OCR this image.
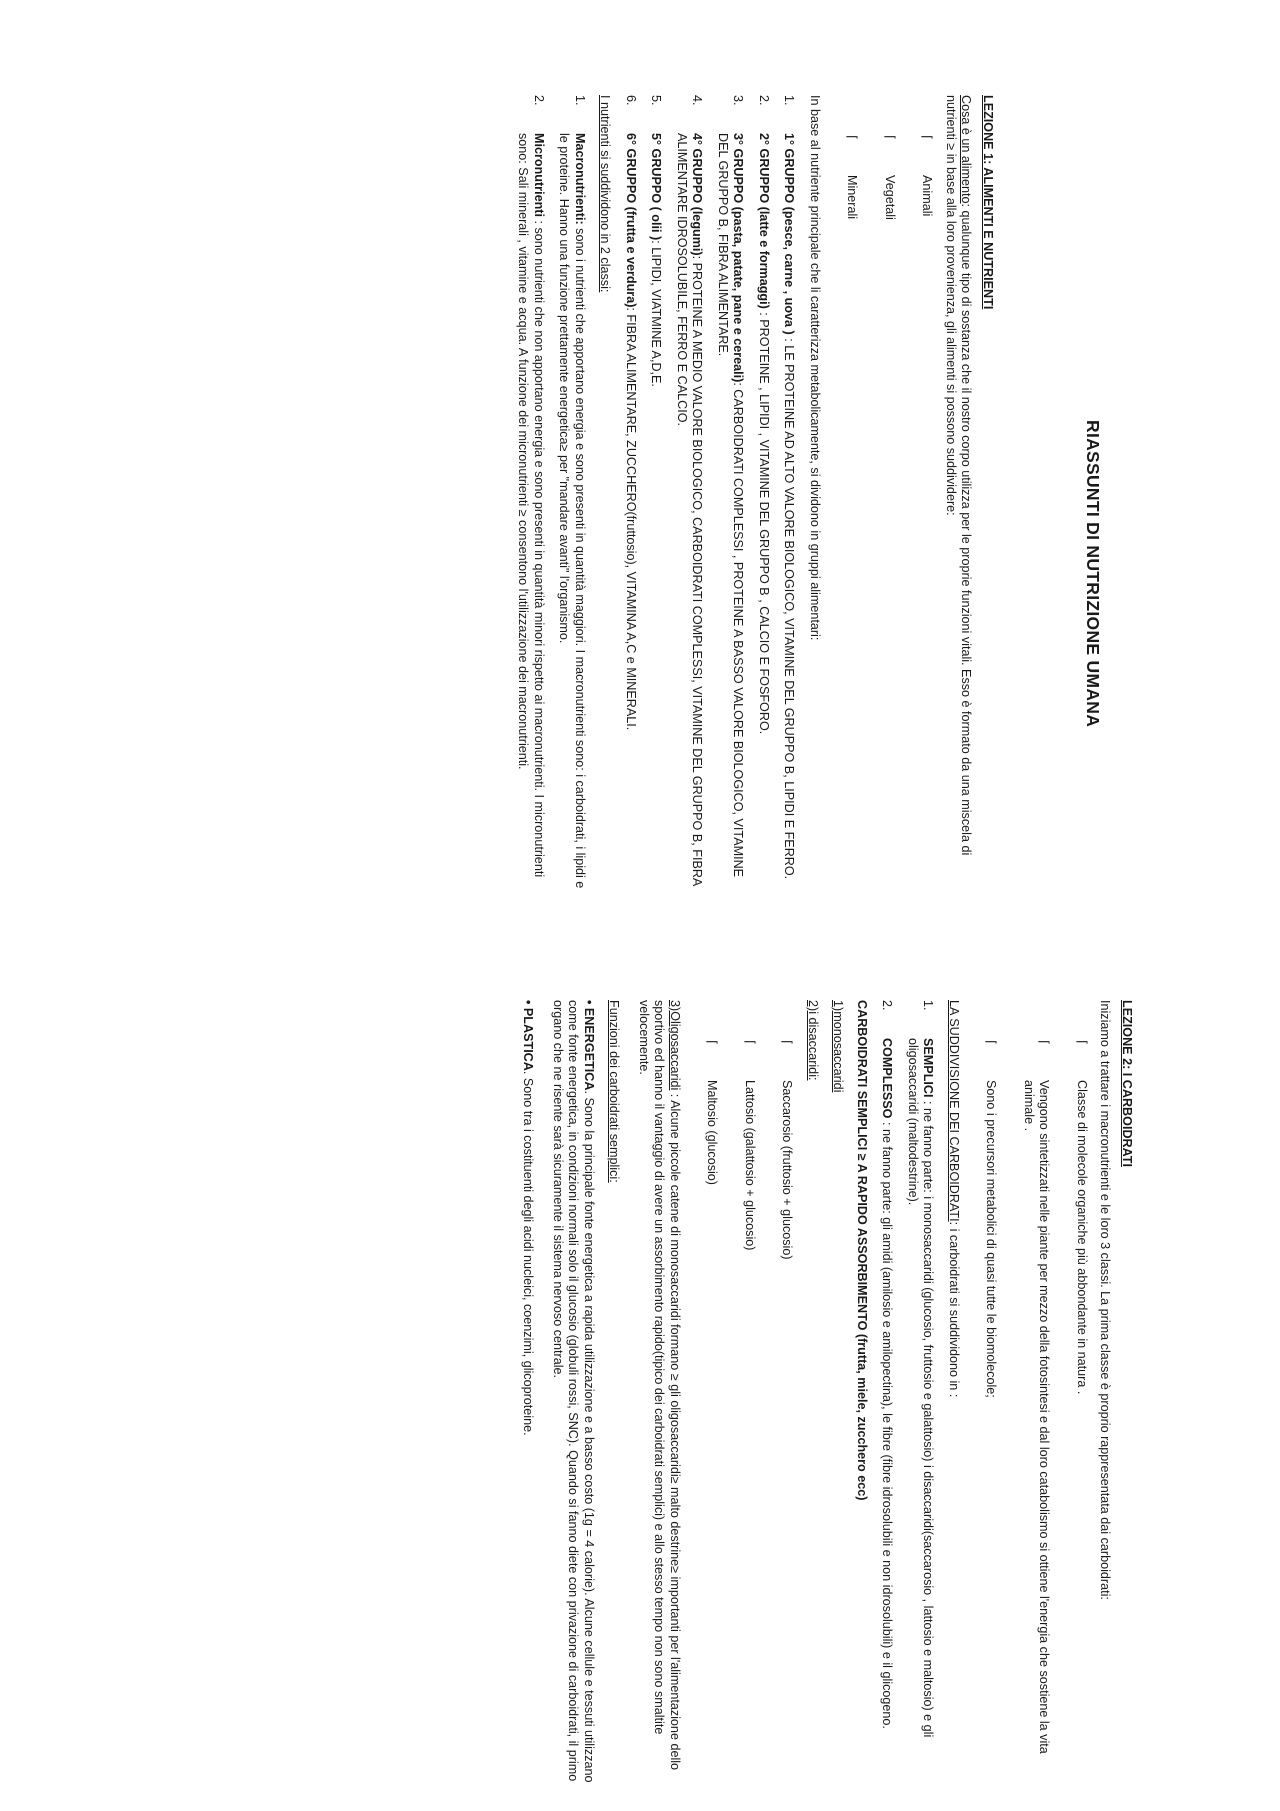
RIASSUNTI DI NUTRIZIONE UMANA
LEZIONE 1: ALIMENTI E NUTRIENTI

Cosa è un alimento: qualunque tipo di sostanza che il nostro corpo utilizza per le proprie funzioni vitali. Esso è formato da una miscela di nutrienti ≥ in base alla loro provenienza, gli alimenti si possono suddividere:

⌈ Animali
⌈ Vegetali
⌈ Minerali

In base al nutriente principale che li caratterizza metabolicamente, si dividono in gruppi alimentari:

1.
1° GRUPPO (pesce, carne , uova ) : LE PROTEINE AD ALTO VALORE BIOLOGICO, VITAMINE DEL GRUPPO B, LIPIDI E FERRO.
2.
2° GRUPPO (latte e formaggi) : PROTEINE , LIPIDI , VITAMINE DEL GRUPPO B , CALCIO E FOSFORO.
3.
3° GRUPPO (pasta, patate, pane e cereali): CARBOIDRATI COMPLESSI , PROTEINE A BASSO VALORE BIOLOGICO, VITAMINE DEL GRUPPO B, FIBRA ALIMENTARE.
4.
4° GRUPPO (legumi): PROTEINE A MEDIO VALORE BIOLOGICO, CARBOIDRATI COMPLESSI, VITAMINE DEL GRUPPO B, FIBRA ALIMENTARE IDROSOLUBILE, FERRO E CALCIO.
5.
5° GRUPPO ( olii ): LIPIDI, VIATMINE A,D,E.
6.
6° GRUPPO (frutta e verdura): FIBRA ALIMENTARE, ZUCCHERO(fruttosio), VITAMINA A,C e MINERALI.

I nutrienti si suddividono in 2 classi:

1.
Macronutrienti: sono i nutrienti che apportano energia e sono presenti in quantità maggiori. I macronutrienti sono: i carboidrati, i lipidi e le proteine. Hanno una funzione prettamente energetica≥ per "mandare avanti" l'organismo.
2.
Micronutrienti : sono nutrienti che non apportano energia e sono presenti in quantità minori rispetto ai macronutrienti. I micronutrienti sono: Sali minerali , vitamine e acqua. A funzione dei micronutrienti ≥ consentono l'utilizzazione dei macronutrienti.
LEZIONE 2: I CARBOIDRATI

Iniziamo a trattare i macronutrienti e le loro 3 classi. La prima classe è proprio rappresentata dai carboidrati:

⌈ Classe di molecole organiche più abbondante in natura .
⌈ Vengono sintetizzati nelle piante per mezzo della fotosintesi e dal loro catabolismo si ottiene l'energia che sostiene la vita animale .
⌈ Sono i precursori metabolici di quasi tutte le biomolecole;

LA SUDDIVISIONE DEI CARBOIDRATI: i carboidrati si suddividono in :

1.
SEMPLICI : ne fanno parte: i monosaccaridi (glucosio, fruttosio e galattosio) i disaccaridi(saccarosio , lattosio e maltosio) e gli oligosaccaridi (maltodestrine).
2.
COMPLESSO : ne fanno parte: gli amidi (amilosio e amilopectina), le fibre (fibre idrosolubili e non idrosolubili) e il glicogeno.

CARBOIDRATI SEMPLICI ≥ A RAPIDO ASSORBIMENTO (frutta, miele, zucchero ecc)

1)monosaccaridi

2)i disaccaridi:

⌈ Saccarosio (fruttosio + glucosio)
⌈ Lattosio (galattosio + glucosio)
⌈ Maltosio (glucosio)

3)Oligosaccaridi : Alcune piccole catene di monosaccaridi formano ≥ gli oligosaccaridi≥ malto destrine≥ importanti per l'alimentazione dello sportivo ed hanno il vantaggio di avere un assorbimento rapido(tipico dei carboidrati semplici) e allo stesso tempo non sono smaltite velocemente.

Funzioni dei carboidrati semplici:

• ENERGETICA. Sono la principale fonte energetica a rapida utilizzazione e a basso costo (1g = 4 calorie). Alcune cellule e tessuti utilizzano come fonte energetica, in condizioni normali solo il glucosio (globuli rossi, SNC). Quando si fanno diete con privazione di carboidrati, il primo organo che ne risente sarà sicuramente il sistema nervoso centrale.

• PLASTICA. Sono tra i costituenti degli acidi nucleici, coenzimi, glicoproteine.
